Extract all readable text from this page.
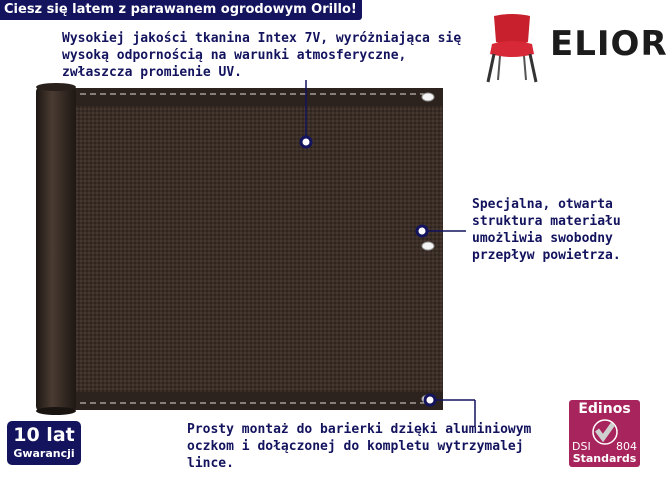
Ciesz się latem z parawanem ogrodowym Orillo!
ELIOR
Wysokiej jakości tkanina Intex 7V, wyróżniająca się
wysoką odpornością na warunki atmosferyczne,
zwłaszcza promienie UV.
Specjalna, otwarta
struktura materiału
umożliwia swobodny
przepływ powietrza.
Prosty montaż do barierki dzięki aluminiowym
oczkom i dołączonej do kompletu wytrzymalej
lince.
10 lat
Gwarancji
Edinos
DSI 804
Standards
